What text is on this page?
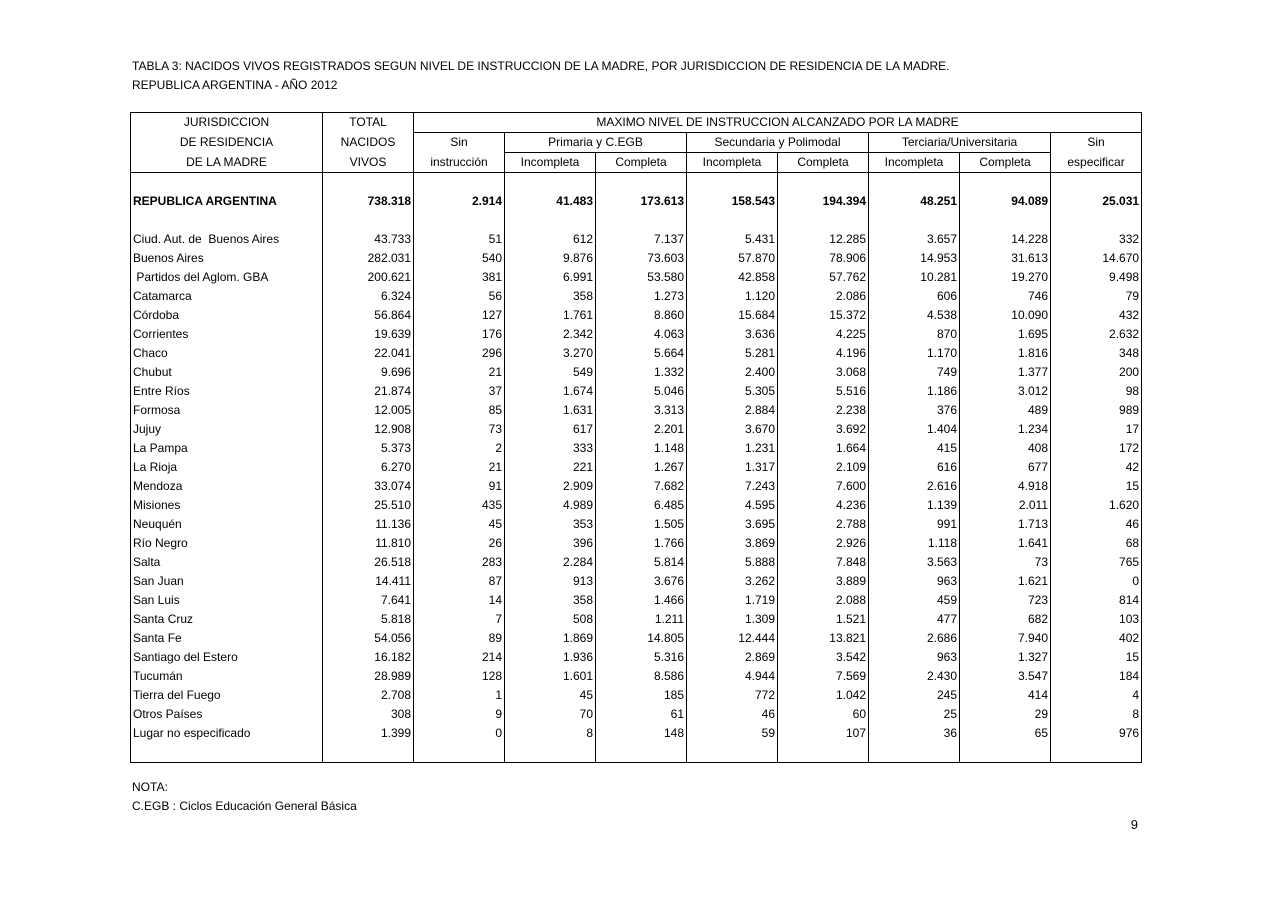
TABLA 3: NACIDOS VIVOS REGISTRADOS SEGUN NIVEL DE INSTRUCCION DE LA MADRE, POR JURISDICCION DE RESIDENCIA DE LA MADRE.
REPUBLICA ARGENTINA - AÑO 2012
JURISDICCION	TOTAL	MAXIMO NIVEL DE INSTRUCCION ALCANZADO POR LA MADRE							
DE RESIDENCIA	NACIDOS	Sin	Primaria y C.EGB		Secundaria y Polimodal		Terciaria/Universitaria		Sin
DE LA MADRE	VIVOS	instrucción	Incompleta	Completa	Incompleta	Completa	Incompleta	Completa	especificar
REPUBLICA ARGENTINA	738.318	2.914	41.483	173.613	158.543	194.394	48.251	94.089	25.031
Ciud. Aut. de  Buenos Aires	43.733	51	612	7.137	5.431	12.285	3.657	14.228	332
Buenos Aires	282.031	540	9.876	73.603	57.870	78.906	14.953	31.613	14.670
Partidos del Aglom. GBA	200.621	381	6.991	53.580	42.858	57.762	10.281	19.270	9.498
Catamarca	6.324	56	358	1.273	1.120	2.086	606	746	79
Córdoba	56.864	127	1.761	8.860	15.684	15.372	4.538	10.090	432
Corrientes	19.639	176	2.342	4.063	3.636	4.225	870	1.695	2.632
Chaco	22.041	296	3.270	5.664	5.281	4.196	1.170	1.816	348
Chubut	9.696	21	549	1.332	2.400	3.068	749	1.377	200
Entre Ríos	21.874	37	1.674	5.046	5.305	5.516	1.186	3.012	98
Formosa	12.005	85	1.631	3.313	2.884	2.238	376	489	989
Jujuy	12.908	73	617	2.201	3.670	3.692	1.404	1.234	17
La Pampa	5.373	2	333	1.148	1.231	1.664	415	408	172
La Rioja	6.270	21	221	1.267	1.317	2.109	616	677	42
Mendoza	33.074	91	2.909	7.682	7.243	7.600	2.616	4.918	15
Misiones	25.510	435	4.989	6.485	4.595	4.236	1.139	2.011	1.620
Neuquén	11.136	45	353	1.505	3.695	2.788	991	1.713	46
Río Negro	11.810	26	396	1.766	3.869	2.926	1.118	1.641	68
Salta	26.518	283	2.284	5.814	5.888	7.848	3.563	73	765
San Juan	14.411	87	913	3.676	3.262	3.889	963	1.621	0
San Luis	7.641	14	358	1.466	1.719	2.088	459	723	814
Santa Cruz	5.818	7	508	1.211	1.309	1.521	477	682	103
Santa Fe	54.056	89	1.869	14.805	12.444	13.821	2.686	7.940	402
Santiago del Estero	16.182	214	1.936	5.316	2.869	3.542	963	1.327	15
Tucumán	28.989	128	1.601	8.586	4.944	7.569	2.430	3.547	184
Tierra del Fuego	2.708	1	45	185	772	1.042	245	414	4
Otros Países	308	9	70	61	46	60	25	29	8
Lugar no especificado	1.399	0	8	148	59	107	36	65	976

NOTA:
C.EGB : Ciclos Educación General Básica
9
